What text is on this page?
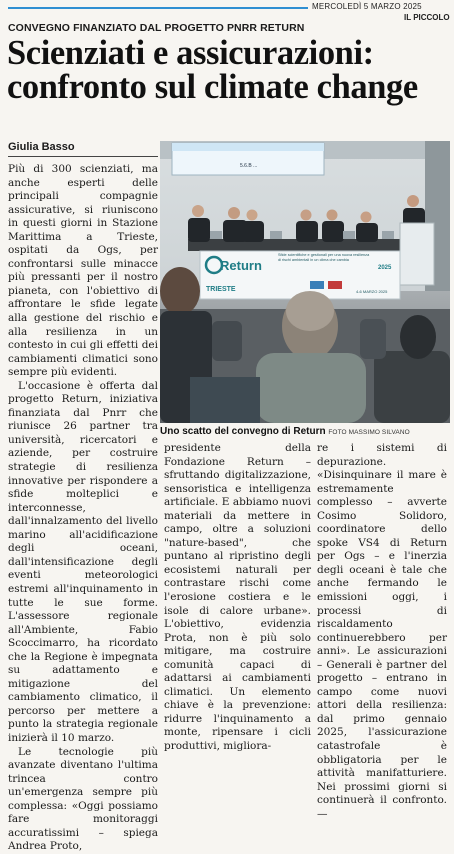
MERCOLEDÌ 5 MARZO 2025
IL PICCOLO
CONVEGNO FINANZIATO DAL PROGETTO PNRR RETURN
Scienziati e assicurazioni: confronto sul climate change
Giulia Basso

Più di 300 scienziati, ma anche esperti delle principali compagnie assicurative, si riuniscono in questi giorni in Stazione Marittima a Trieste, ospitati da Ogs, per confrontarsi sulle minacce più pressanti per il nostro pianeta, con l'obiettivo di affrontare le sfide legate alla gestione del rischio e alla resilienza in un contesto in cui gli effetti dei cambiamenti climatici sono sempre più evidenti.

L'occasione è offerta dal progetto Return, iniziativa finanziata dal Pnrr che riunisce 26 partner tra università, ricercatori e aziende, per costruire strategie di resilienza innovative per rispondere a sfide molteplici e interconnesse, dall'innalzamento del livello marino all'acidificazione degli oceani, dall'intensificazione degli eventi meteorologici estremi all'inquinamento in tutte le sue forme. L'assessore regionale all'Ambiente, Fabio Scoccimarro, ha ricordato che la Regione è impegnata su adattamento e mitigazione del cambiamento climatico, il percorso per mettere a punto la strategia regionale inizierà il 10 marzo.

Le tecnologie più avanzate diventano l'ultima trincea contro un'emergenza sempre più complessa: «Oggi possiamo fare monitoraggi accuratissimi – spiega Andrea Proto,

5.6.B ...
Return
TRIESTE
Sfide scientifiche e gestionali per una nuova resilienza di rischi ambientali in un clima che cambia
2025
4-6 MARZO 2025
Uno scatto del convegno di Return FOTO MASSIMO SILVANO

presidente della Fondazione Return – sfruttando digitalizzazione, sensoristica e intelligenza artificiale. E abbiamo nuovi materiali da mettere in campo, oltre a soluzioni "nature-based", che puntano al ripristino degli ecosistemi naturali per contrastare rischi come l'erosione costiera e le isole di calore urbane». L'obiettivo, evidenzia Prota, non è più solo mitigare, ma costruire comunità capaci di adattarsi ai cambiamenti climatici. Un elemento chiave è la prevenzione: ridurre l'inquinamento a monte, ripensare i cicli produttivi, migliora-

re i sistemi di depurazione. «Disinquinare il mare è estremamente complesso – avverte Cosimo Solidoro, coordinatore dello spoke VS4 di Return per Ogs – e l'inerzia degli oceani è tale che anche fermando le emissioni oggi, i processi di riscaldamento continuerebbero per anni». Le assicurazioni – Generali è partner del progetto – entrano in campo come nuovi attori della resilienza: dal primo gennaio 2025, l'assicurazione catastrofale è obbligatoria per le attività manifatturiere. Nei prossimi giorni si continuerà il confronto. —
